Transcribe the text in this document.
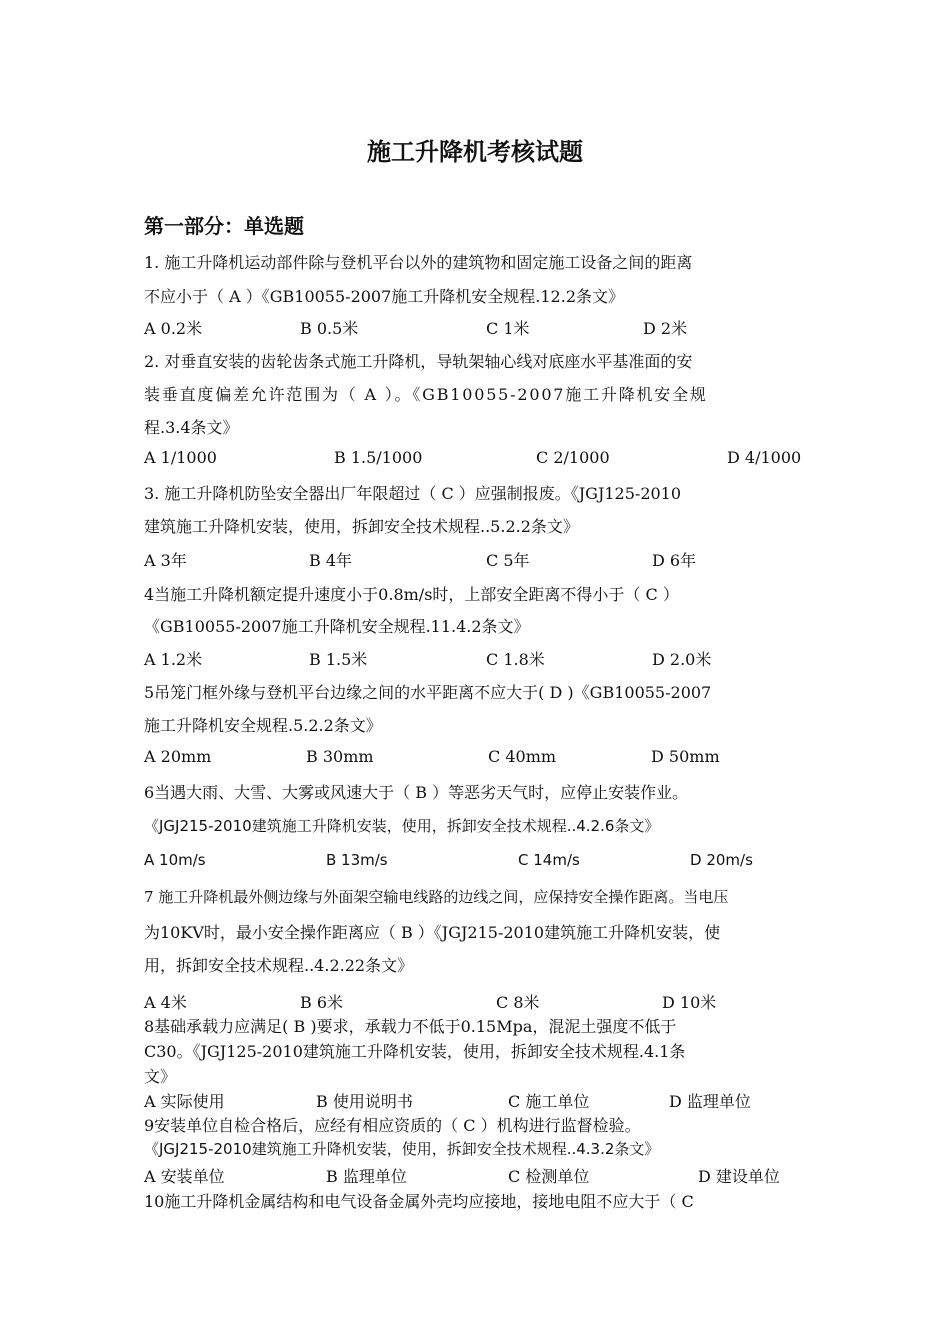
施工升降机考核试题
第一部分：单选题
1. 施工升降机运动部件除与登机平台以外的建筑物和固定施工设备之间的距离
不应小于（ A ）《GB10055-2007施工升降机安全规程.12.2条文》
A 0.2米	B 0.5米	C 1米	D 2米
2. 对垂直安装的齿轮齿条式施工升降机，导轨架轴心线对底座水平基准面的安
装垂直度偏差允许范围为（ A ）。《GB10055-2007施工升降机安全规
程.3.4条文》
A 1/1000	B 1.5/1000	C 2/1000	D 4/1000
3. 施工升降机防坠安全器出厂年限超过（ C ）应强制报废。《JGJ125-2010
建筑施工升降机安装，使用，拆卸安全技术规程..5.2.2条文》
A 3年	B 4年	C 5年	D 6年
4当施工升降机额定提升速度小于0.8m/s时，上部安全距离不得小于（ C ）
《GB10055-2007施工升降机安全规程.11.4.2条文》
A 1.2米	B 1.5米	C 1.8米	D 2.0米
5吊笼门框外缘与登机平台边缘之间的水平距离不应大于( D )《GB10055-2007
施工升降机安全规程.5.2.2条文》
A 20mm	B 30mm	C 40mm	D 50mm
6当遇大雨、大雪、大雾或风速大于（ B ）等恶劣天气时，应停止安装作业。
《JGJ215-2010建筑施工升降机安装，使用，拆卸安全技术规程..4.2.6条文》
A 10m/s	B 13m/s	C 14m/s	D 20m/s
7 施工升降机最外侧边缘与外面架空输电线路的边线之间，应保持安全操作距离。当电压
为10KV时，最小安全操作距离应（ B ）《JGJ215-2010建筑施工升降机安装，使
用，拆卸安全技术规程..4.2.22条文》
A 4米	B 6米	C 8米	D 10米
8基础承载力应满足( B )要求，承载力不低于0.15Mpa，混泥土强度不低于
C30。《JGJ125-2010建筑施工升降机安装，使用，拆卸安全技术规程.4.1条
文》
A 实际使用	B 使用说明书	C 施工单位	D 监理单位
9安装单位自检合格后，应经有相应资质的（ C ）机构进行监督检验。
《JGJ215-2010建筑施工升降机安装，使用，拆卸安全技术规程..4.3.2条文》
A 安装单位	B 监理单位	C 检测单位	D 建设单位
10施工升降机金属结构和电气设备金属外壳均应接地，接地电阻不应大于（ C
